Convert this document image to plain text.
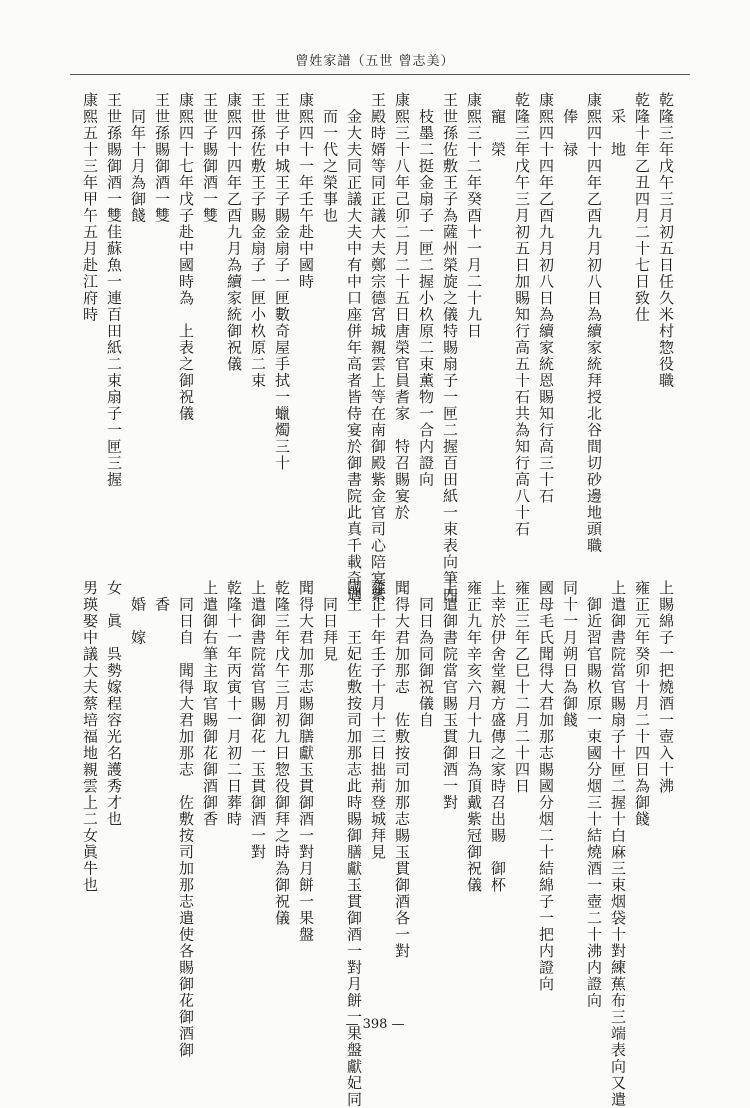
曾姓家譜（五世 曾志美）
乾隆三年戊午三月初五日任久米村惣役職
乾隆十年乙丑四月二十七日致仕
　采　地
康熙四十四年乙酉九月初八日為續家統拜授北谷間切砂邊地頭職
　俸　禄
康熙四十四年乙酉九月初八日為續家統恩賜知行高三十石
乾隆三年戊午三月初五日加賜知行高五十石共為知行高八十石
　寵　榮
康熙三十二年癸酉十一月二十九日
王世孫佐敷王子為薩州榮旋之儀特賜扇子一匣二握百田紙一束表向筆四
　枝墨二挺金扇子一匣二握小杦原二束薫物一合内證向
康熙三十八年己卯二月二十五日唐榮官員耆家　特召賜宴於
王殿時婿等同正議大夫鄭宗德宮城親雲上等在南御殿紫金官司心陪宴紫
　金大夫同正議大夫中有中口座併年高者皆侍宴於御書院此真千載奇遇
　而一代之榮事也
康熙四十一年壬午赴中國時
王世子中城王子賜金扇子一匣數奇屋手拭一蠟燭三十
王世孫佐敷王子賜金扇子一匣小杦原二束
康熙四十四年乙酉九月為續家統御祝儀
王世子賜御酒一雙
康熙四十七年戊子赴中國時為　上表之御祝儀
王世孫賜御酒一雙
　同年十月為御餞
王世孫賜御酒一雙佳蘇魚一連百田紙二束扇子一匣三握
康熙五十三年甲午五月赴江府時
上賜綿子一把燒酒一壺入十沸
雍正元年癸卯十月二十四日為御餞
上遣御書院當官賜扇子十匣二握十白麻三束烟袋十對練蕉布三端表向又遣
　御近習官賜杦原一束國分烟三十結燒酒一壺二十沸内證向
同十一月朔日為御餞
國母毛氏聞得大君加那志賜國分烟二十結綿子一把内證向
雍正三年乙巳十二月二十四日
上幸於伊舍堂親方盛傳之家時召出賜　御杯
雍正九年辛亥六月十九日為頂戴紫冠御祝儀
上遣御書院當官賜玉貫御酒一對
　同日為同御祝儀自
聞得大君加那志　佐敷按司加那志賜玉貫御酒各一對
雍正十年壬子十月十三日拙荊登城拜見
國王　王妃佐敷按司加那志此時賜御膳獻玉貫御酒一對月餅一果盤獻妃同
　同日拜見
聞得大君加那志賜御膳獻玉貫御酒一對月餅一果盤
乾隆三年戊午三月初九日惣役御拜之時為御祝儀
上遣御書院當官賜御花一玉貫御酒一對
乾隆十一年丙寅十一月初二日葬時
上遣御右筆主取官賜御花御酒御香
　同日自　聞得大君加那志　佐敷按司加那志遣使各賜御花御酒御
　香
　婚　嫁
女　眞　呉勢嫁程容光名護秀才也
男瑛娶中議大夫蔡培福地親雲上二女眞牛也
— 398 —
